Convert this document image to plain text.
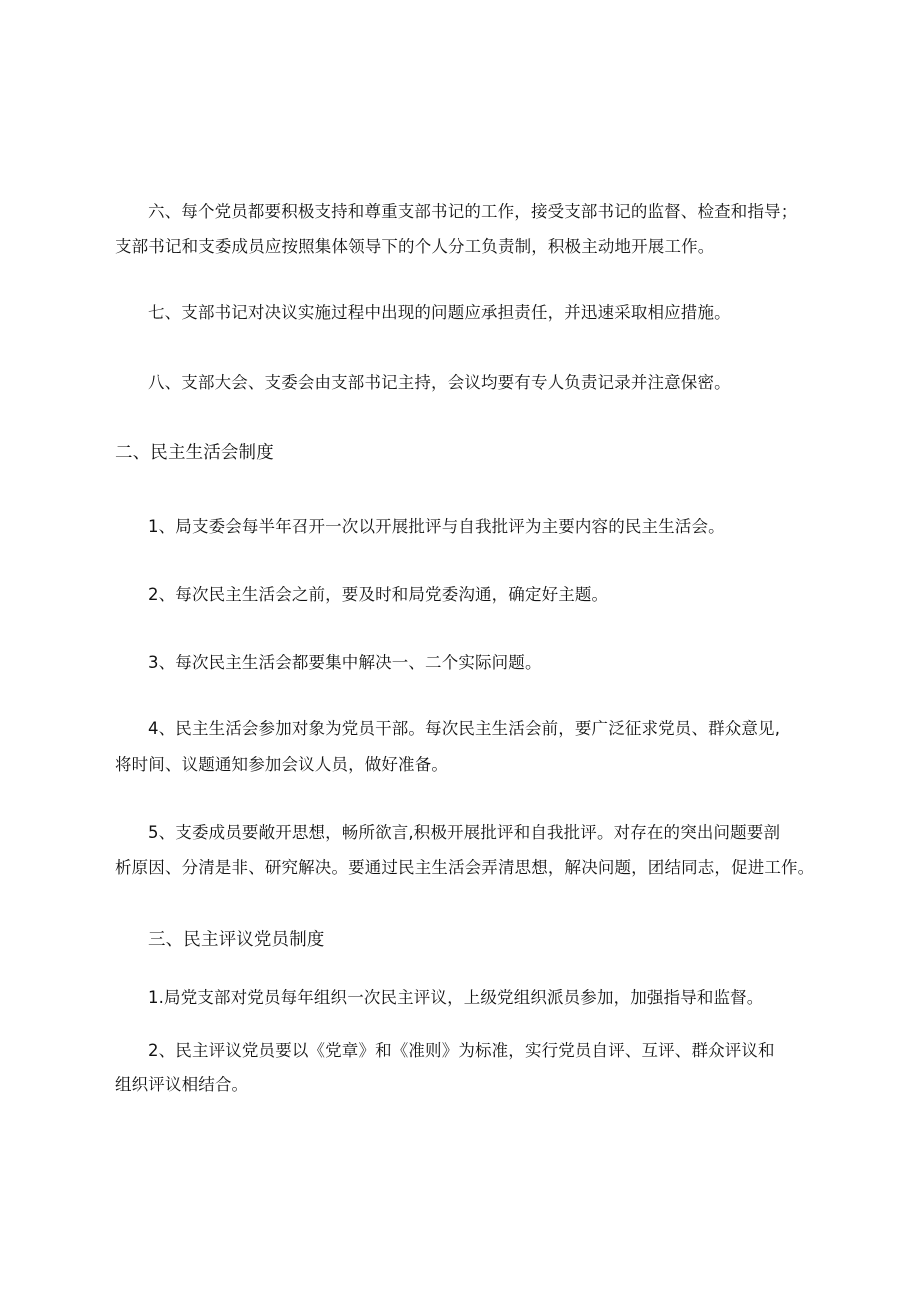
六、每个党员都要积极支持和尊重支部书记的工作，接受支部书记的监督、检查和指导；
支部书记和支委成员应按照集体领导下的个人分工负责制，积极主动地开展工作。
七、支部书记对决议实施过程中出现的问题应承担责任，并迅速采取相应措施。
八、支部大会、支委会由支部书记主持，会议均要有专人负责记录并注意保密。
二、民主生活会制度
1、局支委会每半年召开一次以开展批评与自我批评为主要内容的民主生活会。
2、每次民主生活会之前，要及时和局党委沟通，确定好主题。
3、每次民主生活会都要集中解决一、二个实际问题。
4、民主生活会参加对象为党员干部。每次民主生活会前，要广泛征求党员、群众意见,
将时间、议题通知参加会议人员，做好准备。
5、支委成员要敞开思想，畅所欲言,积极开展批评和自我批评。对存在的突出问题要剖
析原因、分清是非、研究解决。要通过民主生活会弄清思想，解决问题，团结同志，促进工作。
三、民主评议党员制度
1.局党支部对党员每年组织一次民主评议，上级党组织派员参加，加强指导和监督。
2、民主评议党员要以《党章》和《准则》为标准，实行党员自评、互评、群众评议和
组织评议相结合。
